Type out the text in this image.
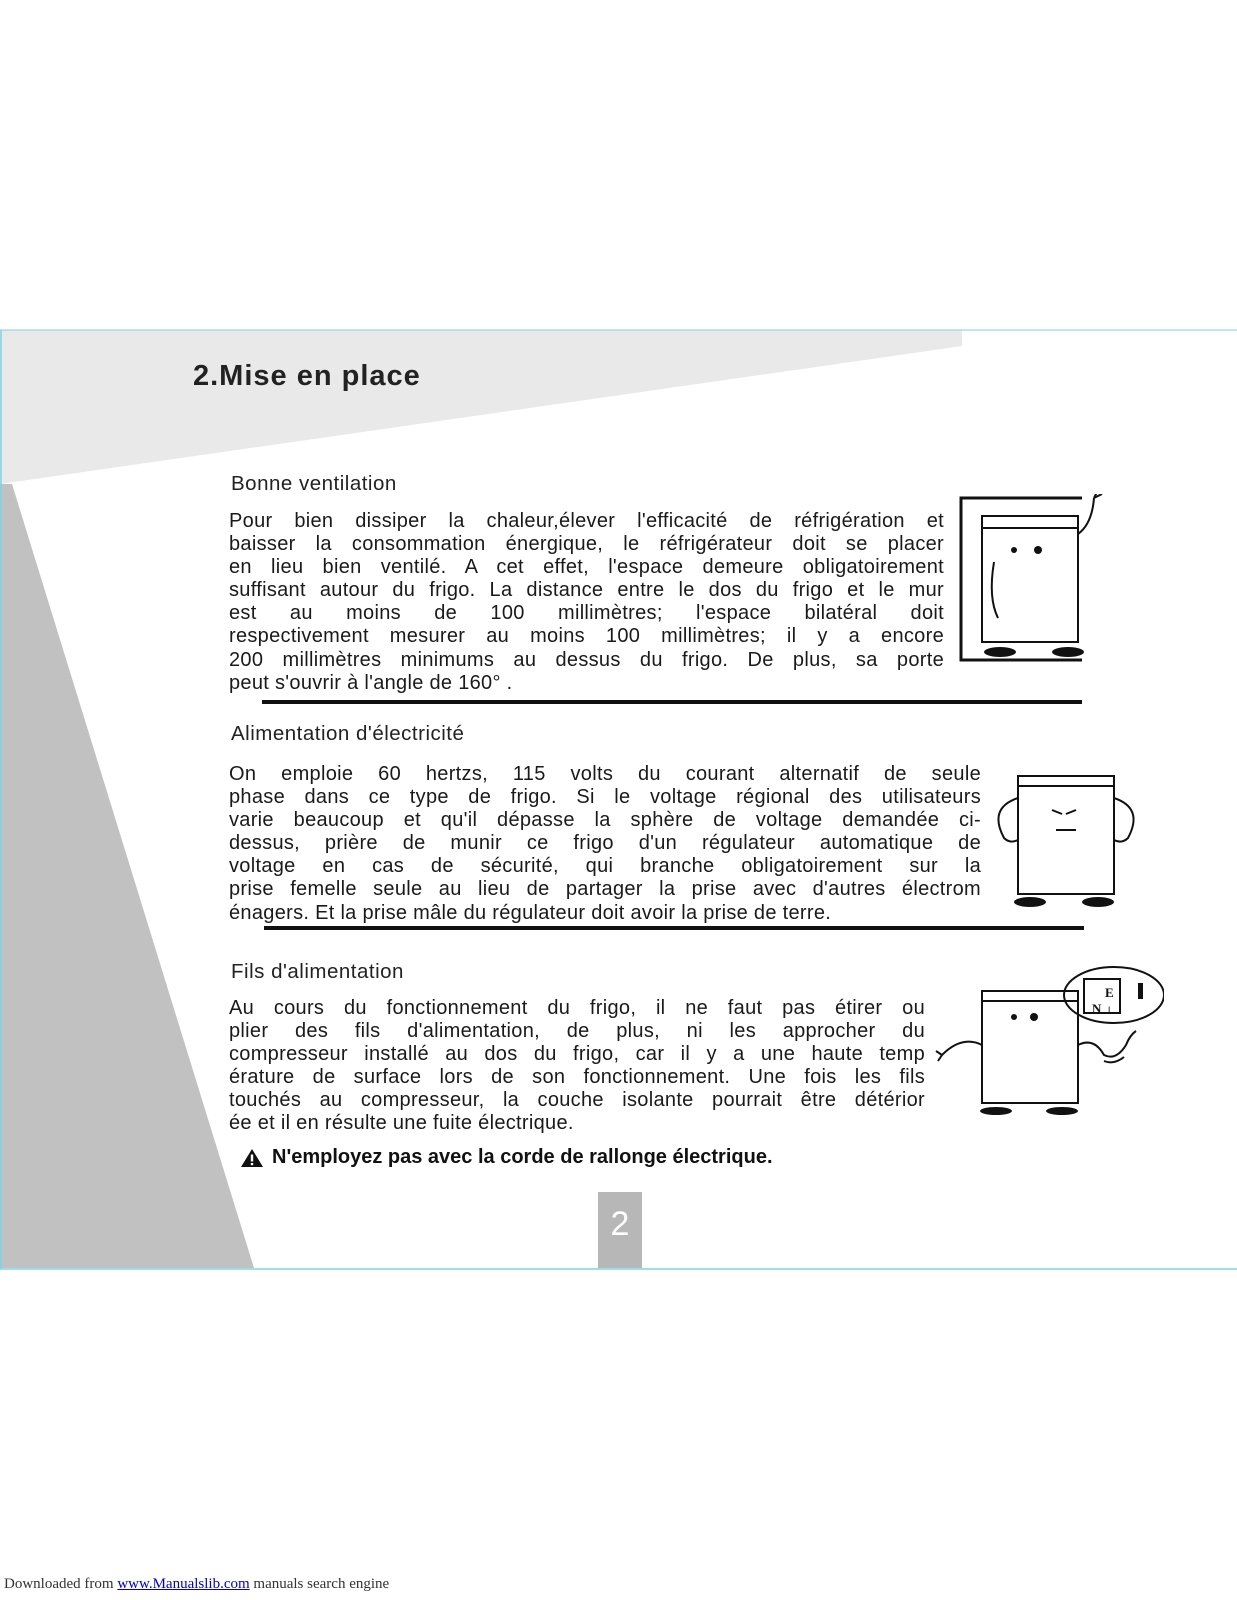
2.Mise en place
Bonne ventilation

Pour bien dissiper la chaleur,élever l'efficacité de réfrigération et
baisser la consommation énergique, le réfrigérateur doit se placer
en lieu bien ventilé. A cet effet, l'espace demeure obligatoirement
suffisant autour du frigo. La distance entre le dos du frigo et le mur
est au moins de 100 millimètres; l'espace bilatéral doit
respectivement mesurer au moins 100 millimètres; il y a encore
200 millimètres minimums au dessus du frigo. De plus, sa porte
peut s'ouvrir à l'angle de 160° .

Alimentation d'électricité

On emploie 60 hertzs, 115 volts du courant alternatif de seule
phase dans ce type de frigo. Si le voltage régional des utilisateurs
varie beaucoup et qu'il dépasse la sphère de voltage demandée ci-
dessus, prière de munir ce frigo d'un régulateur automatique de
voltage en cas de sécurité, qui branche obligatoirement sur la
prise femelle seule au lieu de partager la prise avec d'autres électrom
énagers. Et la prise mâle du régulateur doit avoir la prise de terre.

Fils d'alimentation

Au cours du fonctionnement du frigo, il ne faut pas étirer ou
plier des fils d'alimentation, de plus, ni les approcher du
compresseur installé au dos du frigo, car il y a une haute temp
érature de surface lors de son fonctionnement. Une fois les fils
touchés au compresseur, la couche isolante pourrait être détérior
ée et il en résulte une fuite électrique.

E
N L
N'employez pas avec la corde de rallonge électrique.
2
Downloaded from www.Manualslib.com manuals search engine
